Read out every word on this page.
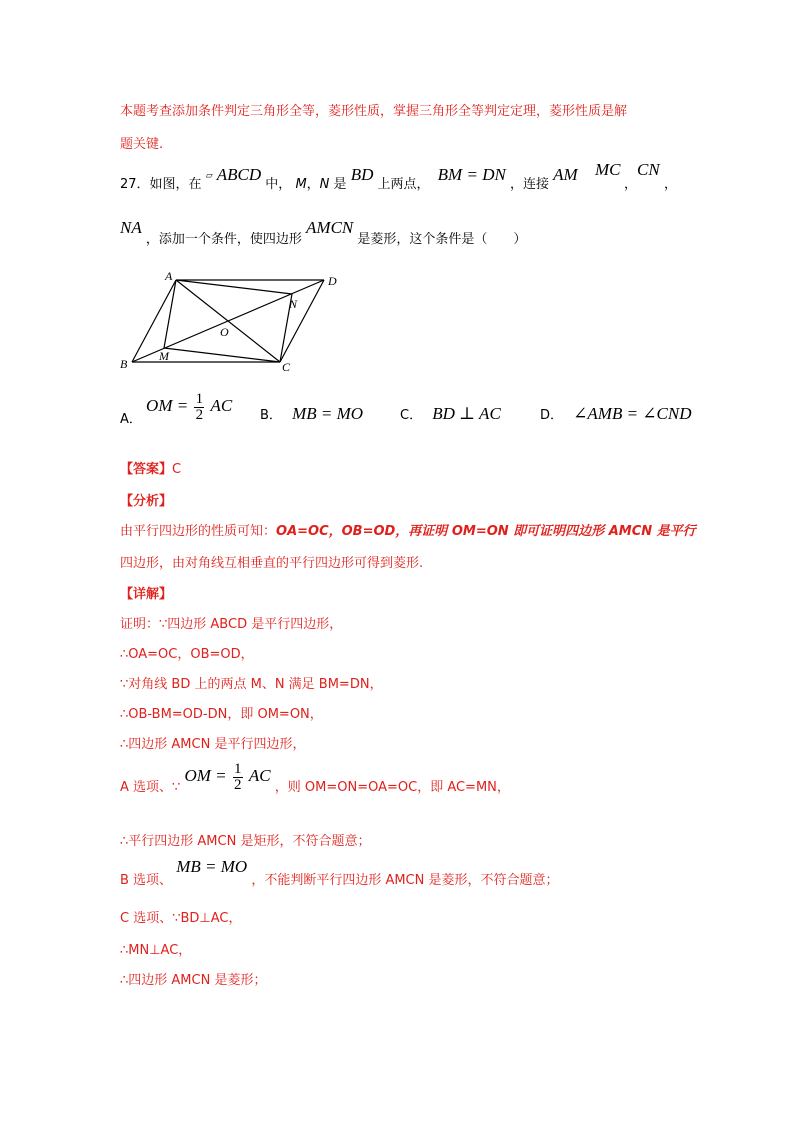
本题考查添加条件判定三角形全等，菱形性质，掌握三角形全等判定定理，菱形性质是解
题关键.
27．如图，在 ▱ ABCD 中， M，N 是 BD 上两点， BM = DN ，连接 AM MC
，
CN
，
NA ，添加一个条件，使四边形 AMCN 是菱形，这个条件是（　　）
A	D
B	C
M
N
O
A． OM = $\frac{1}{2}$ AC
B． MB = MO	C． BD ⊥ AC	D． ∠AMB = ∠CND
【答案】C
【分析】
由平行四边形的性质可知：OA=OC，OB=OD，再证明 OM=ON 即可证明四边形 AMCN 是平行
四边形，由对角线互相垂直的平行四边形可得到菱形.
【详解】
证明：∵四边形 ABCD 是平行四边形，
∴OA=OC，OB=OD，
∵对角线 BD 上的两点 M、N 满足 BM=DN，
∴OB-BM=OD-DN，即 OM=ON，
∴四边形 AMCN 是平行四边形，
A 选项、∵ OM = $\frac{1}{2}$ AC ，则 OM=ON=OA=OC，即 AC=MN，
∴平行四边形 AMCN 是矩形，不符合题意；
B 选项、 MB = MO ，不能判断平行四边形 AMCN 是菱形，不符合题意；
C 选项、∵BD⊥AC，
∴MN⊥AC，
∴四边形 AMCN 是菱形；
